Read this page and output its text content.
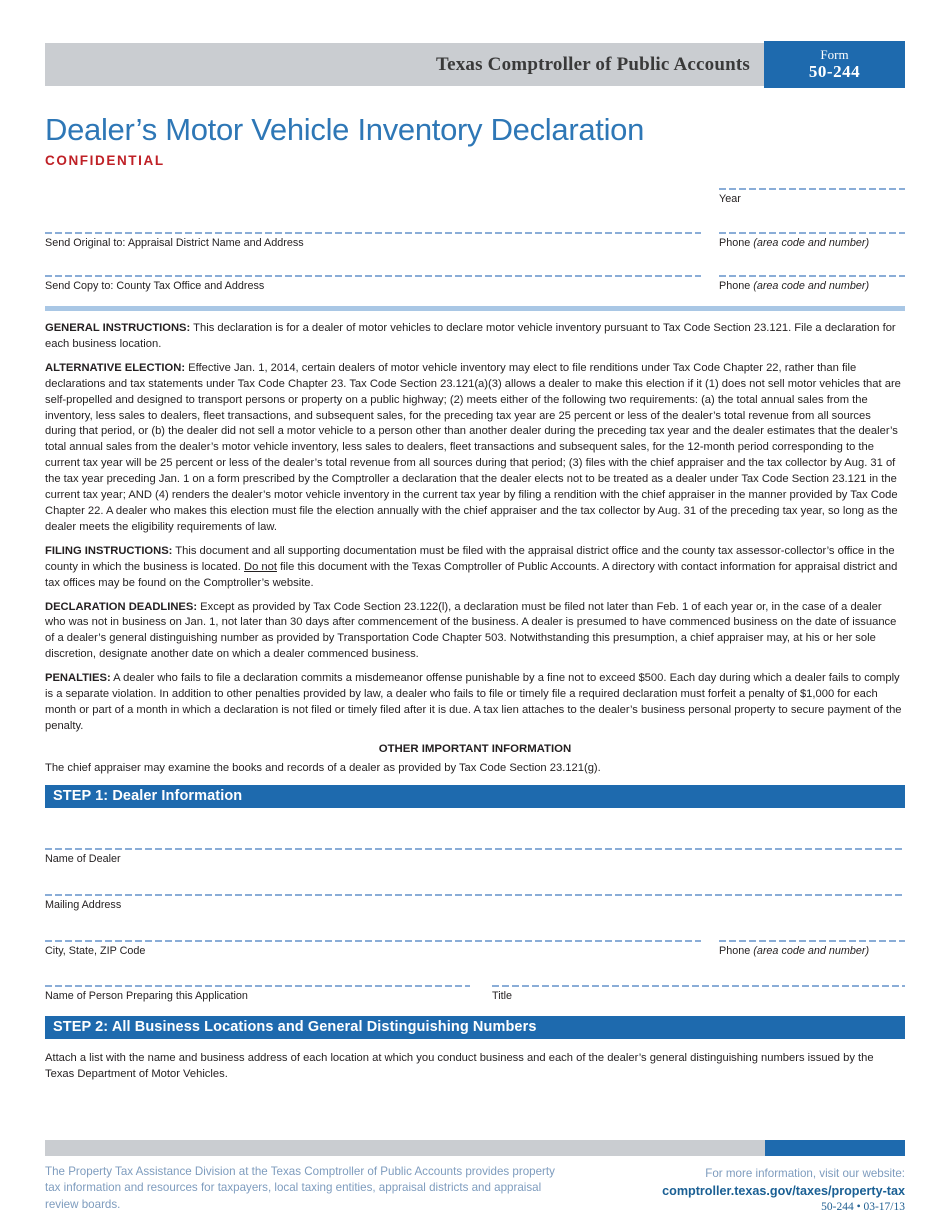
Texas Comptroller of Public Accounts	Form
50-244
Dealer’s Motor Vehicle Inventory Declaration
CONFIDENTIAL
Year
Send Original to: Appraisal District Name and Address	Phone (area code and number)
Send Copy to: County Tax Office and Address	Phone (area code and number)

GENERAL INSTRUCTIONS: This declaration is for a dealer of motor vehicles to declare motor vehicle inventory pursuant to Tax Code Section 23.121. File a declaration for each business location.

ALTERNATIVE ELECTION: Effective Jan. 1, 2014, certain dealers of motor vehicle inventory may elect to file renditions under Tax Code Chapter 22, rather than file declarations and tax statements under Tax Code Chapter 23. Tax Code Section 23.121(a)(3) allows a dealer to make this election if it (1) does not sell motor vehicles that are self-propelled and designed to transport persons or property on a public highway; (2) meets either of the following two requirements: (a) the total annual sales from the inventory, less sales to dealers, fleet transactions, and subsequent sales, for the preceding tax year are 25 percent or less of the dealer’s total revenue from all sources during that period, or (b) the dealer did not sell a motor vehicle to a person other than another dealer during the preceding tax year and the dealer estimates that the dealer’s total annual sales from the dealer’s motor vehicle inventory, less sales to dealers, fleet transactions and subsequent sales, for the 12-month period corresponding to the current tax year will be 25 percent or less of the dealer’s total revenue from all sources during that period; (3) files with the chief appraiser and the tax collector by Aug. 31 of the tax year preceding Jan. 1 on a form prescribed by the Comptroller a declaration that the dealer elects not to be treated as a dealer under Tax Code Section 23.121 in the current tax year; AND (4) renders the dealer’s motor vehicle inventory in the current tax year by filing a rendition with the chief appraiser in the manner provided by Tax Code Chapter 22. A dealer who makes this election must file the election annually with the chief appraiser and the tax collector by Aug. 31 of the preceding tax year, so long as the dealer meets the eligibility requirements of law.

FILING INSTRUCTIONS: This document and all supporting documentation must be filed with the appraisal district office and the county tax assessor-collector’s office in the county in which the business is located. Do not file this document with the Texas Comptroller of Public Accounts. A directory with contact information for appraisal district and tax offices may be found on the Comptroller’s website.

DECLARATION DEADLINES: Except as provided by Tax Code Section 23.122(l), a declaration must be filed not later than Feb. 1 of each year or, in the case of a dealer who was not in business on Jan. 1, not later than 30 days after commencement of the business. A dealer is presumed to have commenced business on the date of issuance of a dealer’s general distinguishing number as provided by Transportation Code Chapter 503. Notwithstanding this presumption, a chief appraiser may, at his or her sole discretion, designate another date on which a dealer commenced business.

PENALTIES: A dealer who fails to file a declaration commits a misdemeanor offense punishable by a fine not to exceed $500. Each day during which a dealer fails to comply is a separate violation. In addition to other penalties provided by law, a dealer who fails to file or timely file a required declaration must forfeit a penalty of $1,000 for each month or part of a month in which a declaration is not filed or timely filed after it is due. A tax lien attaches to the dealer’s business personal property to secure payment of the penalty.

OTHER IMPORTANT INFORMATION
The chief appraiser may examine the books and records of a dealer as provided by Tax Code Section 23.121(g).
STEP 1: Dealer Information
Name of Dealer
Mailing Address
City, State, ZIP Code	Phone (area code and number)
Name of Person Preparing this Application	Title
STEP 2: All Business Locations and General Distinguishing Numbers
Attach a list with the name and business address of each location at which you conduct business and each of the dealer’s general distinguishing numbers issued by the Texas Department of Motor Vehicles.
The Property Tax Assistance Division at the Texas Comptroller of Public Accounts provides property tax information and resources for taxpayers, local taxing entities, appraisal districts and appraisal review boards.
For more information, visit our website:
comptroller.texas.gov/taxes/property-tax
50-244 • 03-17/13
